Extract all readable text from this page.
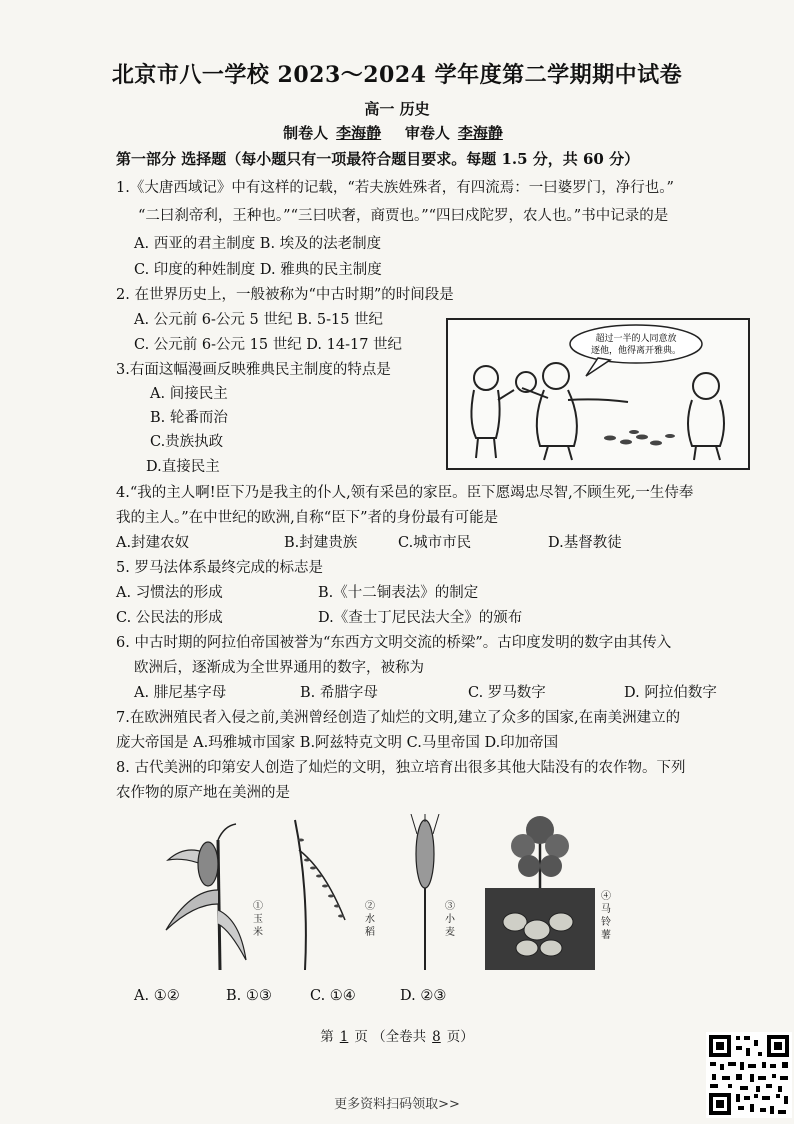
北京市八一学校 2023～2024 学年度第二学期期中试卷
高一 历史
制卷人 李海静 审卷人 李海静
第一部分 选择题（每小题只有一项最符合题目要求。每题 1.5 分，共 60 分）
1.《大唐西域记》中有这样的记载，“若夫族姓殊者，有四流焉：一曰婆罗门，净行也。”
“二曰刹帝利，王种也。”“三曰吠奢，商贾也。”“四曰戍陀罗，农人也。”书中记录的是
A. 西亚的君主制度 B. 埃及的法老制度
C. 印度的种姓制度 D. 雅典的民主制度
2. 在世界历史上，一般被称为“中古时期”的时间段是
A. 公元前 6-公元 5 世纪 B. 5-15 世纪
C. 公元前 6-公元 15 世纪 D. 14-17 世纪
3.右面这幅漫画反映雅典民主制度的特点是
A. 间接民主
B. 轮番而治
C.贵族执政
D.直接民主
超过一半的人同意放
逐他，他得离开雅典。
4.“我的主人啊!臣下乃是我主的仆人,领有采邑的家臣。臣下愿竭忠尽智,不顾生死,一生侍奉
我的主人。”在中世纪的欧洲,自称“臣下”者的身份最有可能是
A.封建农奴	B.封建贵族	C.城市市民	D.基督教徒
5. 罗马法体系最终完成的标志是
A. 习惯法的形成	B.《十二铜表法》的制定
C. 公民法的形成	D.《查士丁尼民法大全》的颁布
6. 中古时期的阿拉伯帝国被誉为“东西方文明交流的桥梁”。古印度发明的数字由其传入
欧洲后，逐渐成为全世界通用的数字，被称为
A. 腓尼基字母	B. 希腊字母	C. 罗马数字	D. 阿拉伯数字
7.在欧洲殖民者入侵之前,美洲曾经创造了灿烂的文明,建立了众多的国家,在南美洲建立的
庞大帝国是 A.玛雅城市国家 B.阿兹特克文明 C.马里帝国 D.印加帝国
8. 古代美洲的印第安人创造了灿烂的文明，独立培育出很多其他大陆没有的农作物。下列
农作物的原产地在美洲的是
①玉米
②水稻
③小麦
④马铃薯
A. ①②	B. ①③	C. ①④	D. ②③
第 1 页 （全卷共 8 页）
更多资料扫码领取>>
